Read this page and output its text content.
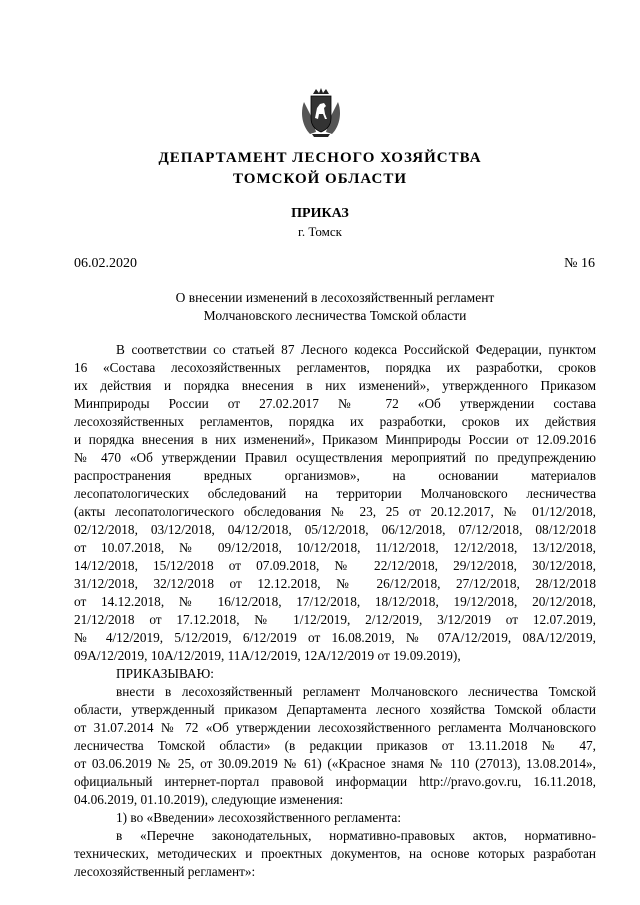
ДЕПАРТАМЕНТ ЛЕСНОГО ХОЗЯЙСТВА
ТОМСКОЙ ОБЛАСТИ
ПРИКАЗ
г. Томск
06.02.2020	№ 16
О внесении изменений в лесохозяйственный регламент
Молчановского лесничества Томской области
В соответствии со статьей 87 Лесного кодекса Российской Федерации, пунктом
16 «Состава лесохозяйственных регламентов, порядка их разработки, сроков
их действия и порядка внесения в них изменений», утвержденного Приказом
Минприроды России от 27.02.2017 № 72 «Об утверждении состава
лесохозяйственных регламентов, порядка их разработки, сроков их действия
и порядка внесения в них изменений», Приказом Минприроды России от 12.09.2016
№ 470 «Об утверждении Правил осуществления мероприятий по предупреждению
распространения вредных организмов», на основании материалов
лесопатологических обследований на территории Молчановского лесничества
(акты лесопатологического обследования № 23, 25 от 20.12.2017, № 01/12/2018,
02/12/2018, 03/12/2018, 04/12/2018, 05/12/2018, 06/12/2018, 07/12/2018, 08/12/2018
от 10.07.2018, № 09/12/2018, 10/12/2018, 11/12/2018, 12/12/2018, 13/12/2018,
14/12/2018, 15/12/2018 от 07.09.2018, № 22/12/2018, 29/12/2018, 30/12/2018,
31/12/2018, 32/12/2018 от 12.12.2018, № 26/12/2018, 27/12/2018, 28/12/2018
от 14.12.2018, № 16/12/2018, 17/12/2018, 18/12/2018, 19/12/2018, 20/12/2018,
21/12/2018 от 17.12.2018, № 1/12/2019, 2/12/2019, 3/12/2019 от 12.07.2019,
№ 4/12/2019, 5/12/2019, 6/12/2019 от 16.08.2019, № 07А/12/2019, 08А/12/2019,
09А/12/2019, 10А/12/2019, 11А/12/2019, 12А/12/2019 от 19.09.2019),
ПРИКАЗЫВАЮ:
внести в лесохозяйственный регламент Молчановского лесничества Томской
области, утвержденный приказом Департамента лесного хозяйства Томской области
от 31.07.2014 № 72 «Об утверждении лесохозяйственного регламента Молчановского
лесничества Томской области» (в редакции приказов от 13.11.2018 № 47,
от 03.06.2019 № 25, от 30.09.2019 № 61) («Красное знамя № 110 (27013), 13.08.2014»,
официальный интернет-портал правовой информации http://pravo.gov.ru, 16.11.2018,
04.06.2019, 01.10.2019), следующие изменения:
1) во «Введении» лесохозяйственного регламента:
в «Перечне законодательных, нормативно-правовых актов, нормативно-
технических, методических и проектных документов, на основе которых разработан
лесохозяйственный регламент»:
